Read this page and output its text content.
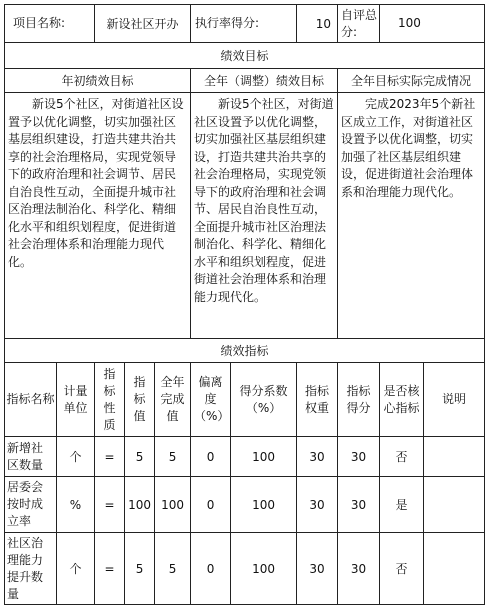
项目名称:		新设社区开办			执行率得分:		10	自评总分:	100	
绩效目标										
年初绩效目标					全年（调整）绩效目标			全年目标实际完成情况		
新设5个社区，对街道社区设置予以优化调整，切实加强社区基层组织建设，打造共建共治共享的社会治理格局，实现党领导下的政府治理和社会调节、居民自治良性互动，全面提升城市社区治理法制治化、科学化、精细化水平和组织划程度，促进街道社会治理体系和治理能力现代化。					新设5个社区，对街道社区设置予以优化调整，切实加强社区基层组织建设，打造共建共治共享的社会治理格局，实现党领导下的政府治理和社会调节、居民自治良性互动，全面提升城市社区治理法制治化、科学化、精细化水平和组织划程度，促进街道社会治理体系和治理能力现代化。			完成2023年5个新社区成立工作，对街道社区设置予以优化调整，切实加强了社区基层组织建设，促进街道社会治理体系和治理能力现代化。		
绩效指标										
指标名称	计量单位	指标性质	指标值	全年完成值	偏离度（%）	得分系数（%）	指标权重	指标得分	是否核心指标	说明
新增社区数量	个	=	5	5	0	100	30	30	否	
居委会按时成立率	%	=	100	100	0	100	30	30	是	
社区治理能力提升数量	个	=	5	5	0	100	30	30	否	
